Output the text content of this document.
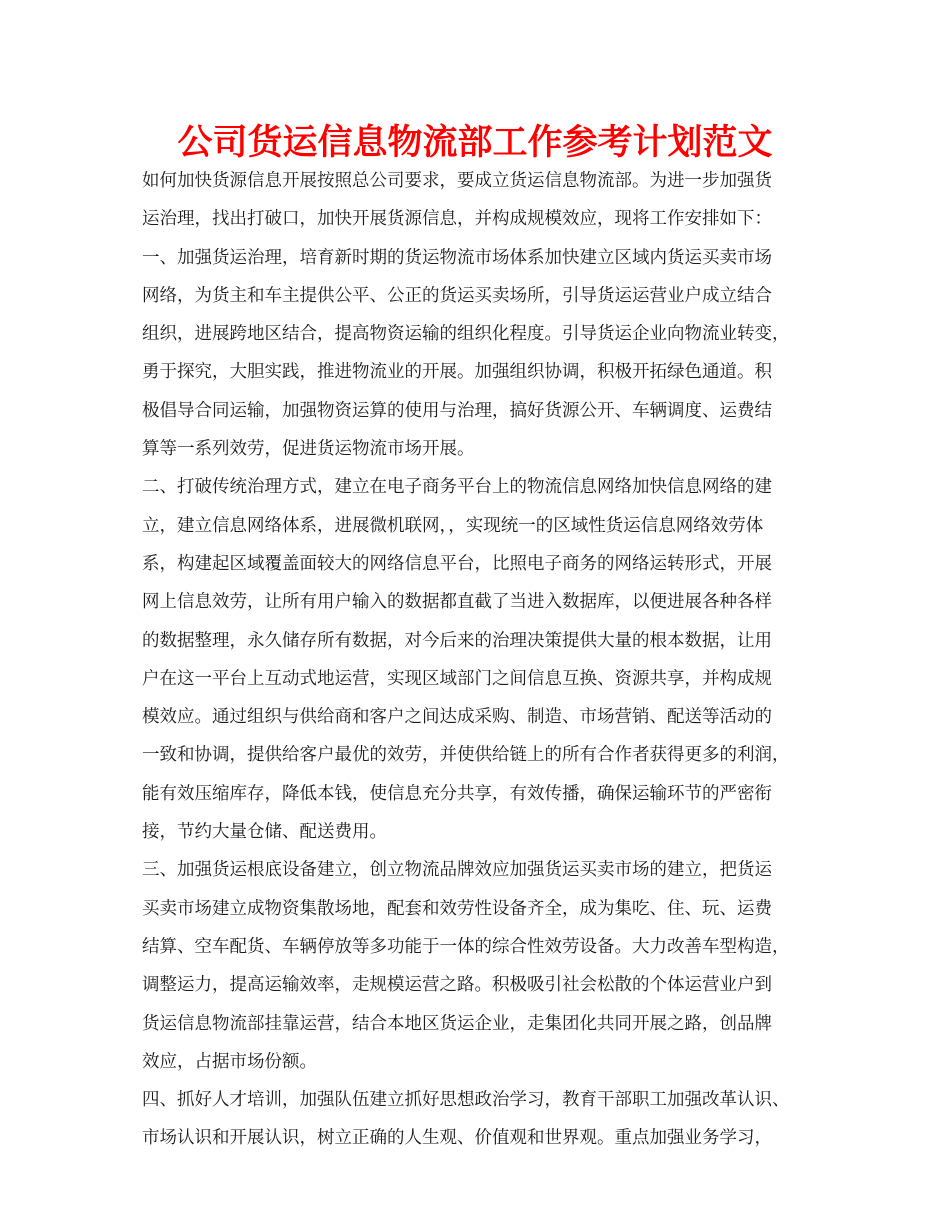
公司货运信息物流部工作参考计划范文
如何加快货源信息开展按照总公司要求，要成立货运信息物流部。为进一步加强货
运治理，找出打破口，加快开展货源信息，并构成规模效应，现将工作安排如下：
一、加强货运治理，培育新时期的货运物流市场体系加快建立区域内货运买卖市场
网络，为货主和车主提供公平、公正的货运买卖场所，引导货运运营业户成立结合
组织，进展跨地区结合，提高物资运输的组织化程度。引导货运企业向物流业转变，
勇于探究，大胆实践，推进物流业的开展。加强组织协调，积极开拓绿色通道。积
极倡导合同运输，加强物资运算的使用与治理，搞好货源公开、车辆调度、运费结
算等一系列效劳，促进货运物流市场开展。
二、打破传统治理方式，建立在电子商务平台上的物流信息网络加快信息网络的建
立，建立信息网络体系，进展微机联网，，实现统一的区域性货运信息网络效劳体
系，构建起区域覆盖面较大的网络信息平台，比照电子商务的网络运转形式，开展
网上信息效劳，让所有用户输入的数据都直截了当进入数据库，以便进展各种各样
的数据整理，永久储存所有数据，对今后来的治理决策提供大量的根本数据，让用
户在这一平台上互动式地运营，实现区域部门之间信息互换、资源共享，并构成规
模效应。通过组织与供给商和客户之间达成采购、制造、市场营销、配送等活动的
一致和协调，提供给客户最优的效劳，并使供给链上的所有合作者获得更多的利润，
能有效压缩库存，降低本钱，使信息充分共享，有效传播，确保运输环节的严密衔
接，节约大量仓储、配送费用。
三、加强货运根底设备建立，创立物流品牌效应加强货运买卖市场的建立，把货运
买卖市场建立成物资集散场地，配套和效劳性设备齐全，成为集吃、住、玩、运费
结算、空车配货、车辆停放等多功能于一体的综合性效劳设备。大力改善车型构造，
调整运力，提高运输效率，走规模运营之路。积极吸引社会松散的个体运营业户到
货运信息物流部挂靠运营，结合本地区货运企业，走集团化共同开展之路，创品牌
效应，占据市场份额。
四、抓好人才培训，加强队伍建立抓好思想政治学习，教育干部职工加强改革认识、
市场认识和开展认识，树立正确的人生观、价值观和世界观。重点加强业务学习，
